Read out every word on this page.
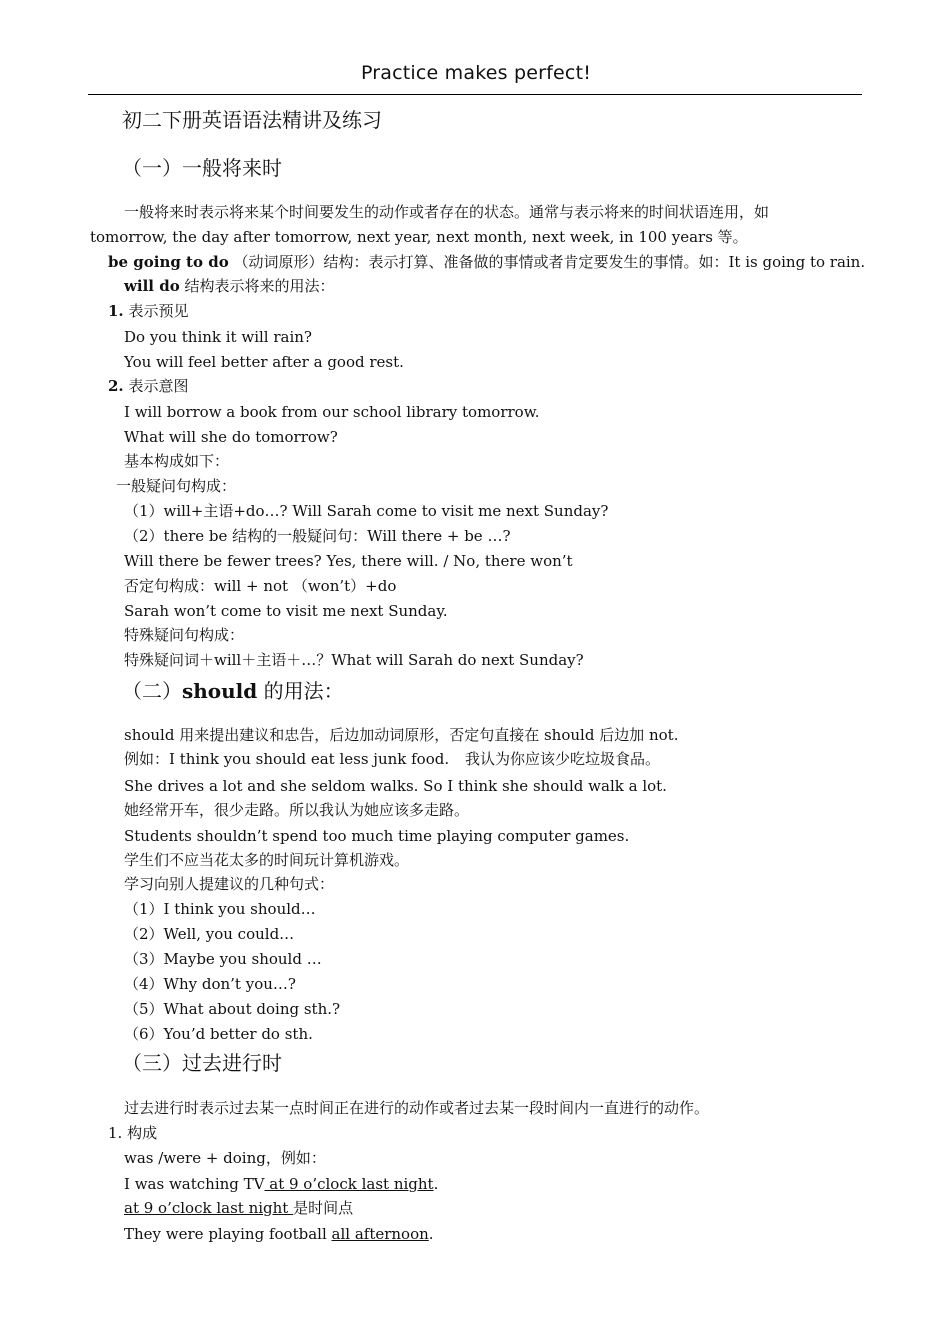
Practice makes perfect!
初二下册英语语法精讲及练习
（一）一般将来时
一般将来时表示将来某个时间要发生的动作或者存在的状态。通常与表示将来的时间状语连用，如
tomorrow, the day after tomorrow, next year, next month, next week, in 100 years 等。
be going to do （动词原形）结构：表示打算、准备做的事情或者肯定要发生的事情。如：It is going to rain.
will do 结构表示将来的用法：
1. 表示预见
Do you think it will rain?
You will feel better after a good rest.
2. 表示意图
I will borrow a book from our school library tomorrow.
What will she do tomorrow?
基本构成如下：
一般疑问句构成：
（1）will+主语+do…? Will Sarah come to visit me next Sunday?
（2）there be 结构的一般疑问句：Will there + be …?
Will there be fewer trees? Yes, there will. / No, there won’t
否定句构成：will + not （won’t）+do
Sarah won’t come to visit me next Sunday.
特殊疑问句构成：
特殊疑问词＋will＋主语＋…？What will Sarah do next Sunday?
（二）should 的用法：
should 用来提出建议和忠告，后边加动词原形，否定句直接在 should 后边加 not.
例如：I think you should eat less junk food. 我认为你应该少吃垃圾食品。
She drives a lot and she seldom walks. So I think she should walk a lot.
她经常开车，很少走路。所以我认为她应该多走路。
Students shouldn’t spend too much time playing computer games.
学生们不应当花太多的时间玩计算机游戏。
学习向别人提建议的几种句式：
（1）I think you should…
（2）Well, you could…
（3）Maybe you should …
（4）Why don’t you…?
（5）What about doing sth.?
（6）You’d better do sth.
（三）过去进行时
过去进行时表示过去某一点时间正在进行的动作或者过去某一段时间内一直进行的动作。
1. 构成
was /were + doing，例如：
I was watching TV at 9 o’clock last night.
at 9 o’clock last night 是时间点
They were playing football all afternoon.
